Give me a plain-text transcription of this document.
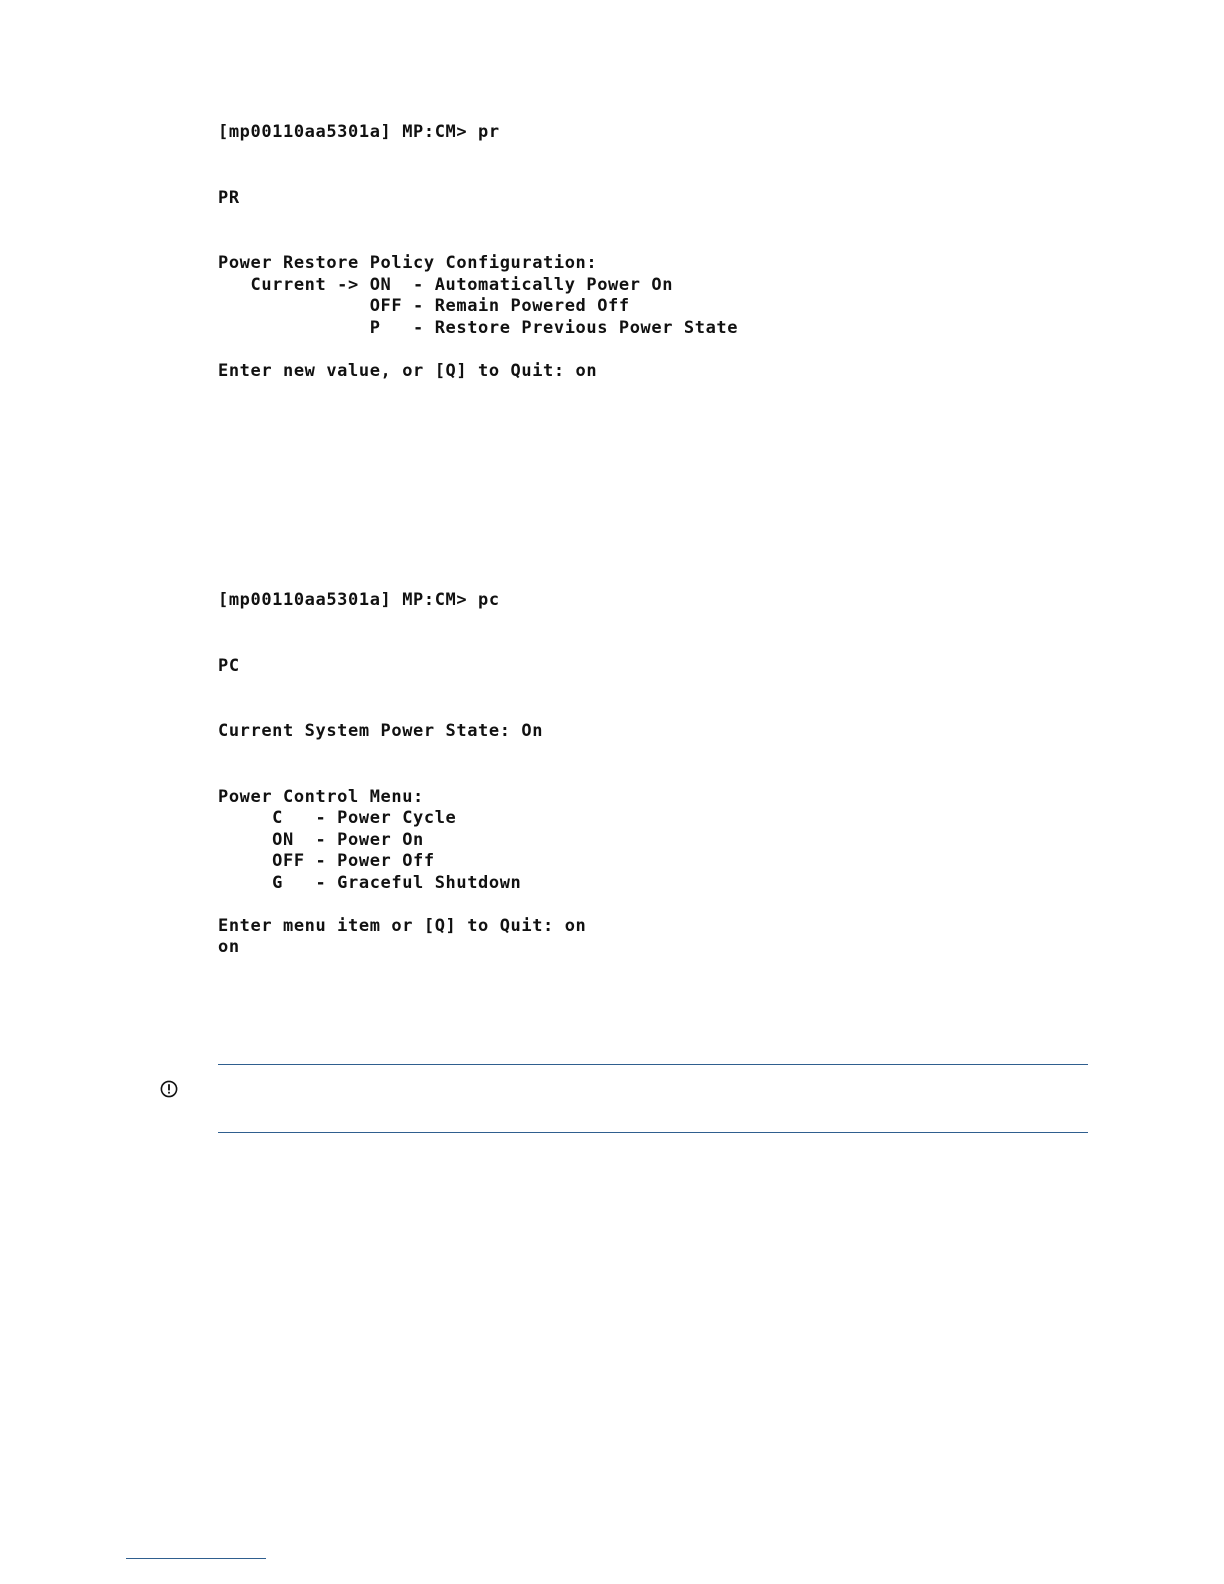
[mp00110aa5301a] MP:CM> pr
PR
Power Restore Policy Configuration:
Current -> ON  - Automatically Power On
OFF - Remain Powered Off
P   - Restore Previous Power State
Enter new value, or [Q] to Quit: on
[mp00110aa5301a] MP:CM> pc
PC
Current System Power State: On
Power Control Menu:
C   - Power Cycle
ON  - Power On
OFF - Power Off
G   - Graceful Shutdown
Enter menu item or [Q] to Quit: on
on
